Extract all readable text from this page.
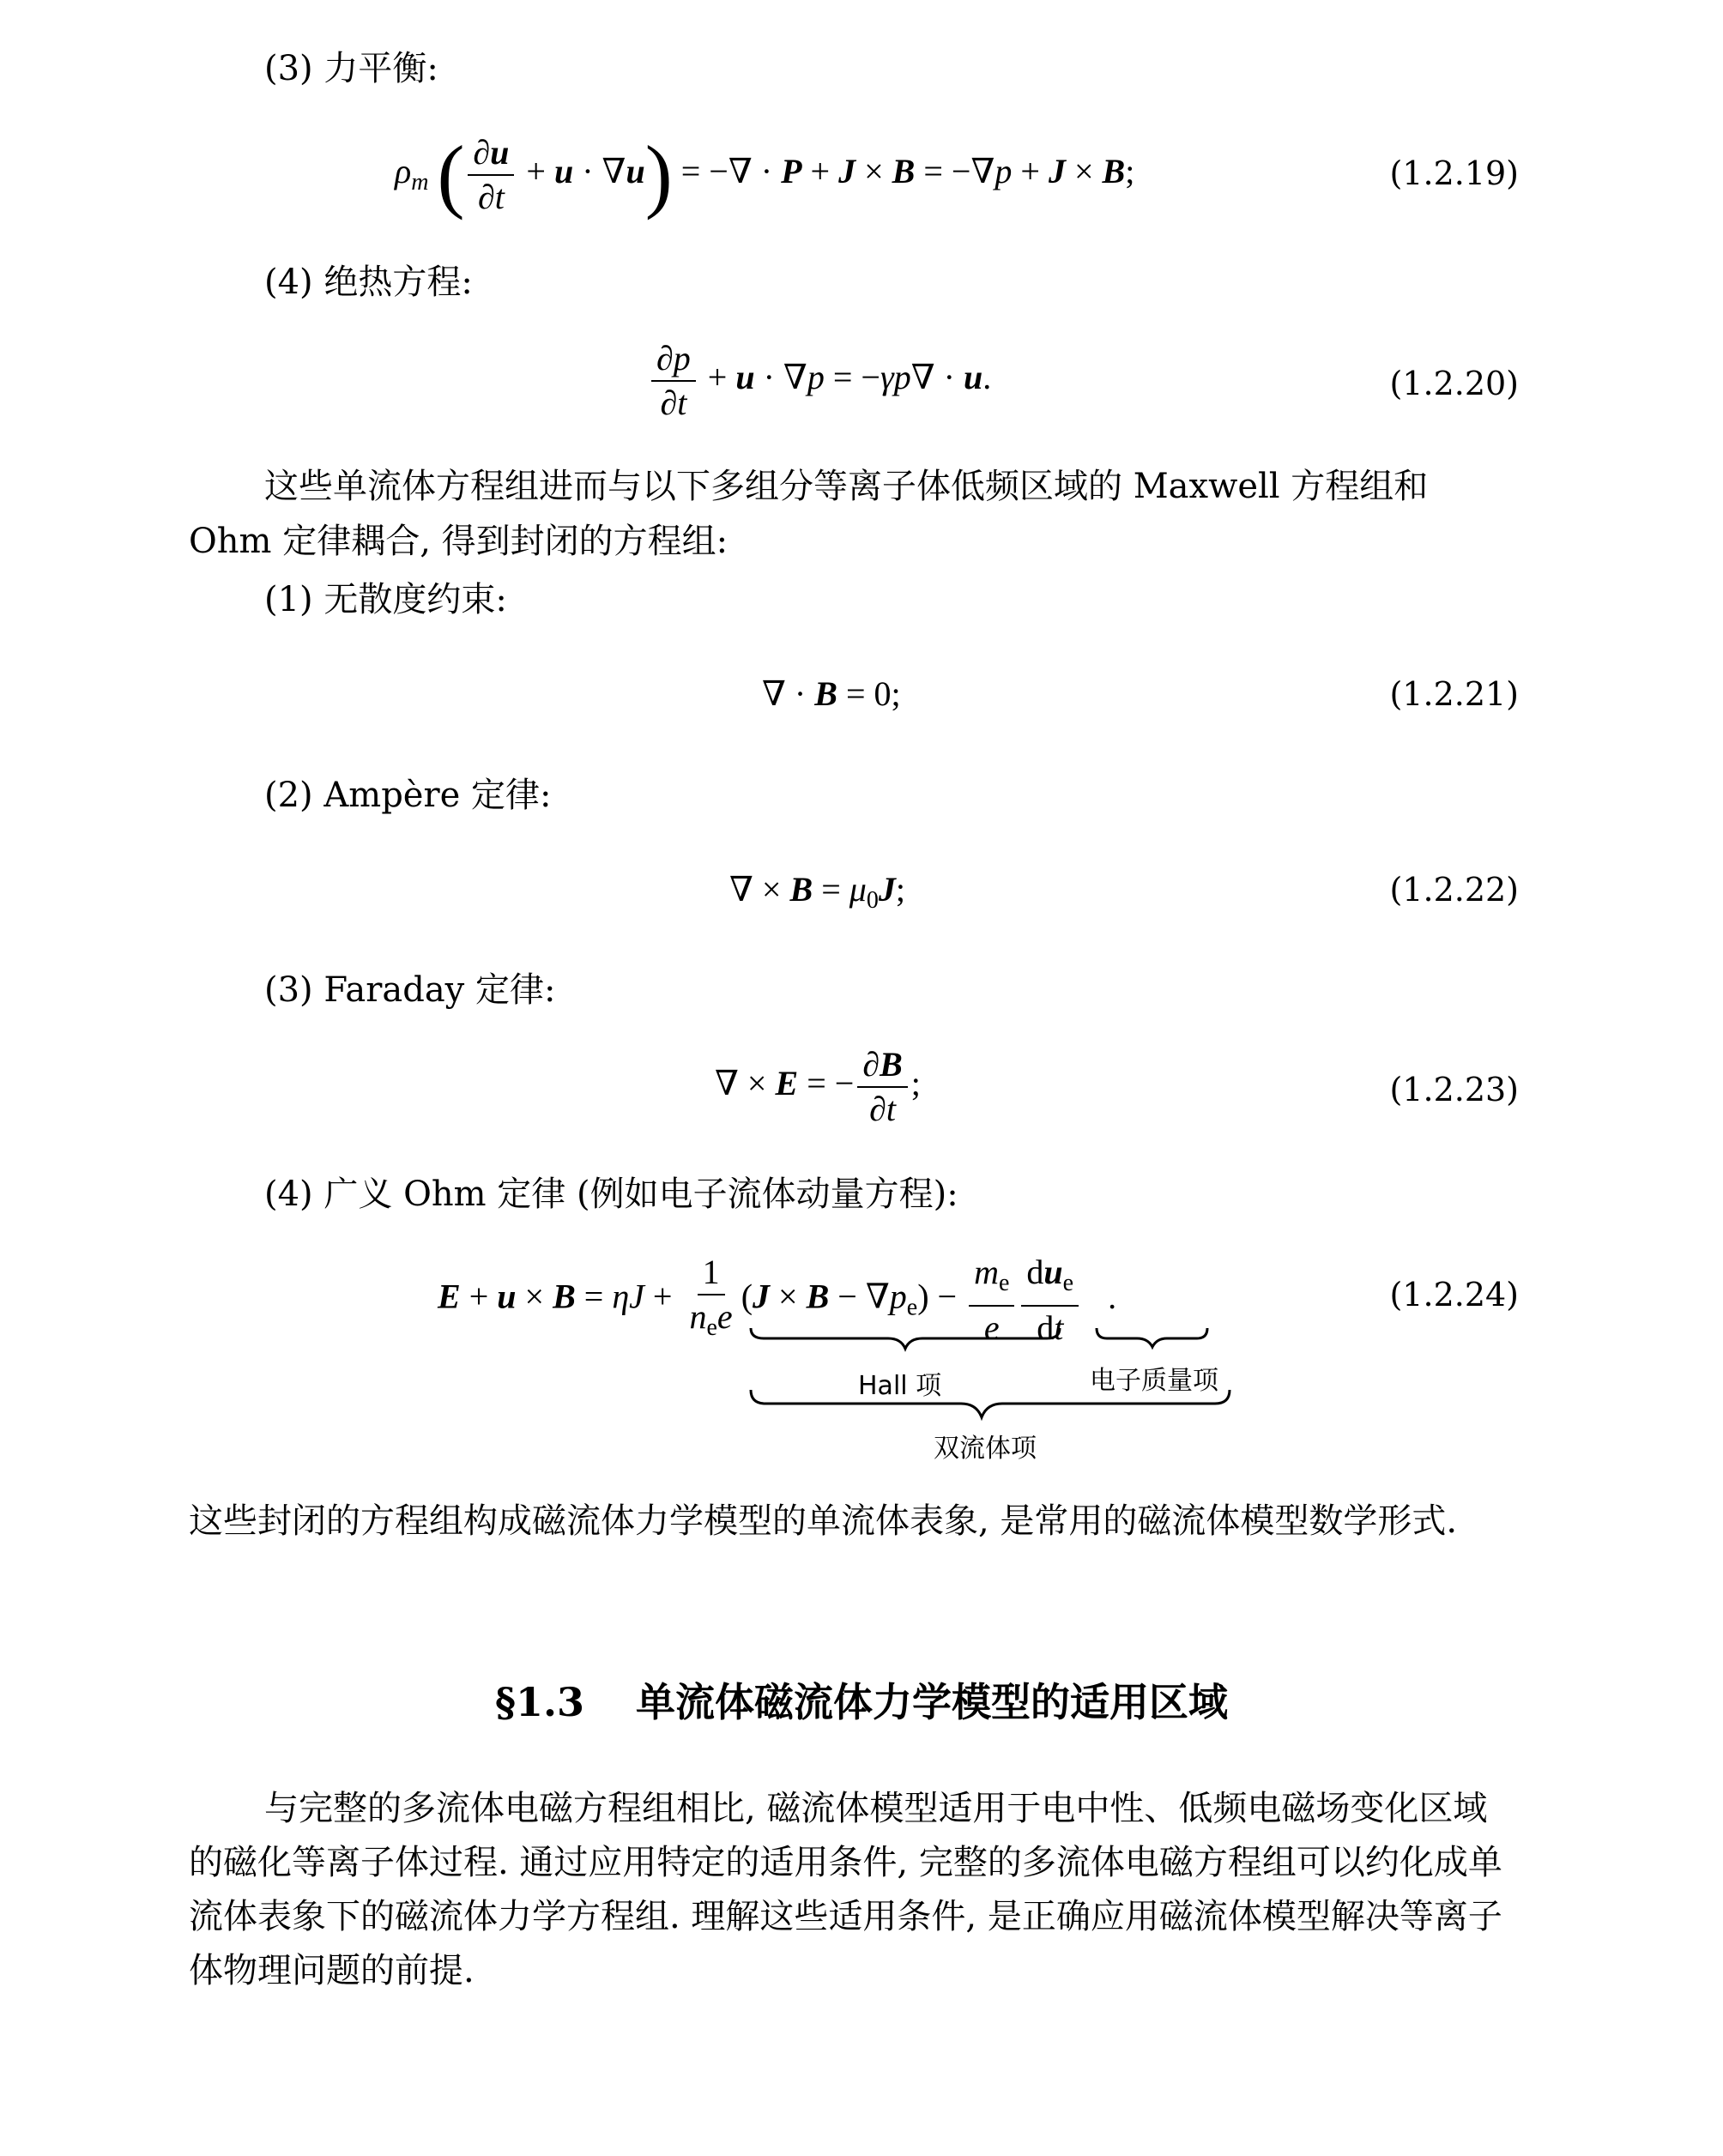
(3) 力平衡:
$\rho_m$ ( $\frac{\partial u}{\partial t} + u \cdot \nabla u$) = −∇ · P + J × B = −∇p + J × B;	(1.2.19)
(4) 绝热方程:
$\frac{\partial p}{\partial t} + u \cdot \nabla p = -\gamma p\nabla \cdot u$.	(1.2.20)
这些单流体方程组进而与以下多组分等离子体低频区域的 Maxwell 方程组和
Ohm 定律耦合, 得到封闭的方程组:
(1) 无散度约束:
∇ · B = 0;	(1.2.21)
(2) Ampère 定律:
∇ × $B = \mu_0J$;	(1.2.22)
(3) Faraday 定律:
∇ × E = − $\frac{\partial B}{\partial t}$ ;	(1.2.23)
(4) 广义 Ohm 定律 (例如电子流体动量方程):
$E + u \times B = \eta J + \frac{1}{n_ee} (J \times B - \nabla p_e) - \frac{m_e}{e} \frac{du_e}{dt}$ .	(1.2.24)
Hall 项	电子质量项
双流体项
这些封闭的方程组构成磁流体力学模型的单流体表象, 是常用的磁流体模型数学形式.
§1.3 单流体磁流体力学模型的适用区域
与完整的多流体电磁方程组相比, 磁流体模型适用于电中性、低频电磁场变化区域的磁化等离子体过程. 通过应用特定的适用条件, 完整的多流体电磁方程组可以约化成单流体表象下的磁流体力学方程组. 理解这些适用条件, 是正确应用磁流体模型解决等离子体物理问题的前提.
